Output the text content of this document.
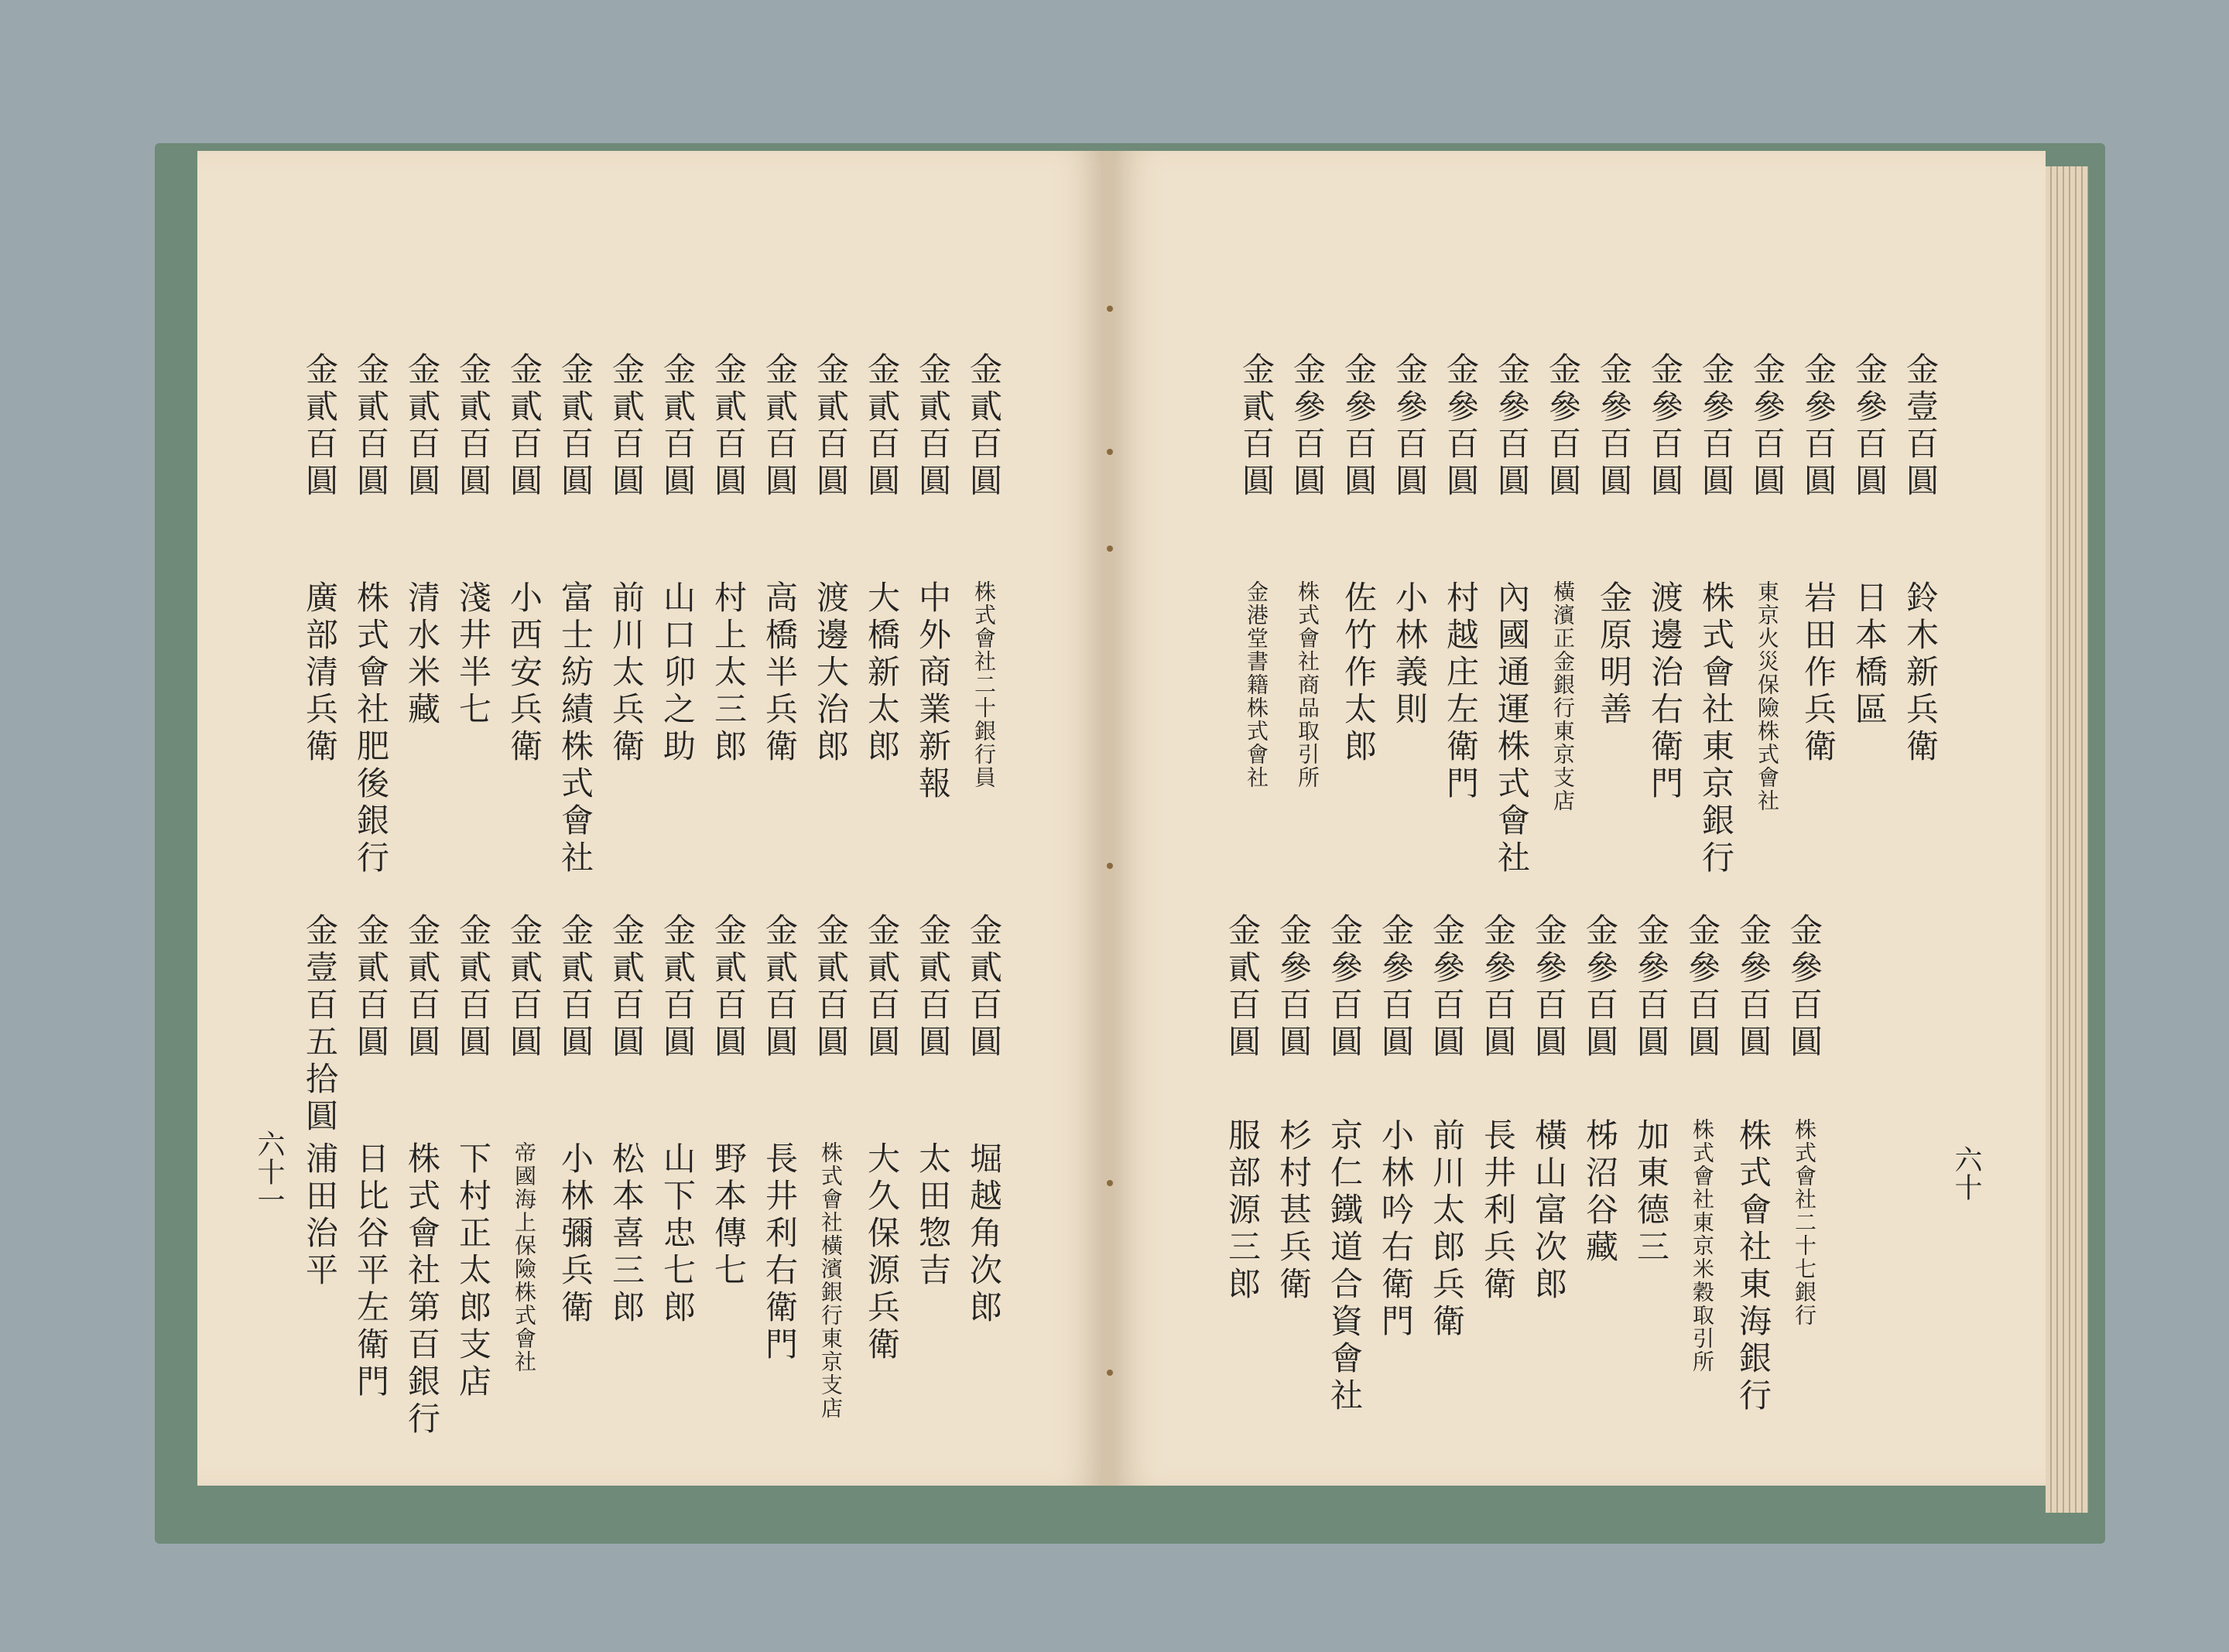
金壹百圓
鈴木新兵衛
金參百圓
日本橋區
金參百圓
岩田作兵衛
金參百圓
東京火災保險株式會社
金參百圓
株式會社東京銀行
金參百圓
渡邊治右衛門
金參百圓
金原明善
金參百圓
橫濱正金銀行東京支店
金參百圓
內國通運株式會社
金參百圓
村越庄左衛門
金參百圓
小林義則
金參百圓
佐竹作太郎
金參百圓
株式會社商品取引所
金貳百圓
金港堂書籍株式會社
金參百圓
株式會社二十七銀行
金參百圓
株式會社東海銀行
金參百圓
株式會社東京米穀取引所
金參百圓
加東德三
金參百圓
柹沼谷藏
金參百圓
橫山富次郎
金參百圓
長井利兵衛
金參百圓
前川太郎兵衛
金參百圓
小林吟右衛門
金參百圓
京仁鐵道合資會社
金參百圓
杉村甚兵衛
金貳百圓
服部源三郎
金貳百圓
株式會社二十銀行員
金貳百圓
中外商業新報
金貳百圓
大橋新太郎
金貳百圓
渡邊大治郎
金貳百圓
高橋半兵衛
金貳百圓
村上太三郎
金貳百圓
山口卯之助
金貳百圓
前川太兵衛
金貳百圓
富士紡績株式會社
金貳百圓
小西安兵衛
金貳百圓
淺井半七
金貳百圓
清水米藏
金貳百圓
株式會社肥後銀行
金貳百圓
廣部清兵衛
金貳百圓
堀越角次郎
金貳百圓
太田惣吉
金貳百圓
大久保源兵衛
金貳百圓
株式會社橫濱銀行東京支店
金貳百圓
長井利右衛門
金貳百圓
野本傳七
金貳百圓
山下忠七郎
金貳百圓
松本喜三郎
金貳百圓
小林彌兵衛
金貳百圓
帝國海上保險株式會社
金貳百圓
下村正太郎支店
金貳百圓
株式會社第百銀行
金貳百圓
日比谷平左衛門
金壹百五拾圓
浦田治平	六十
六十一
